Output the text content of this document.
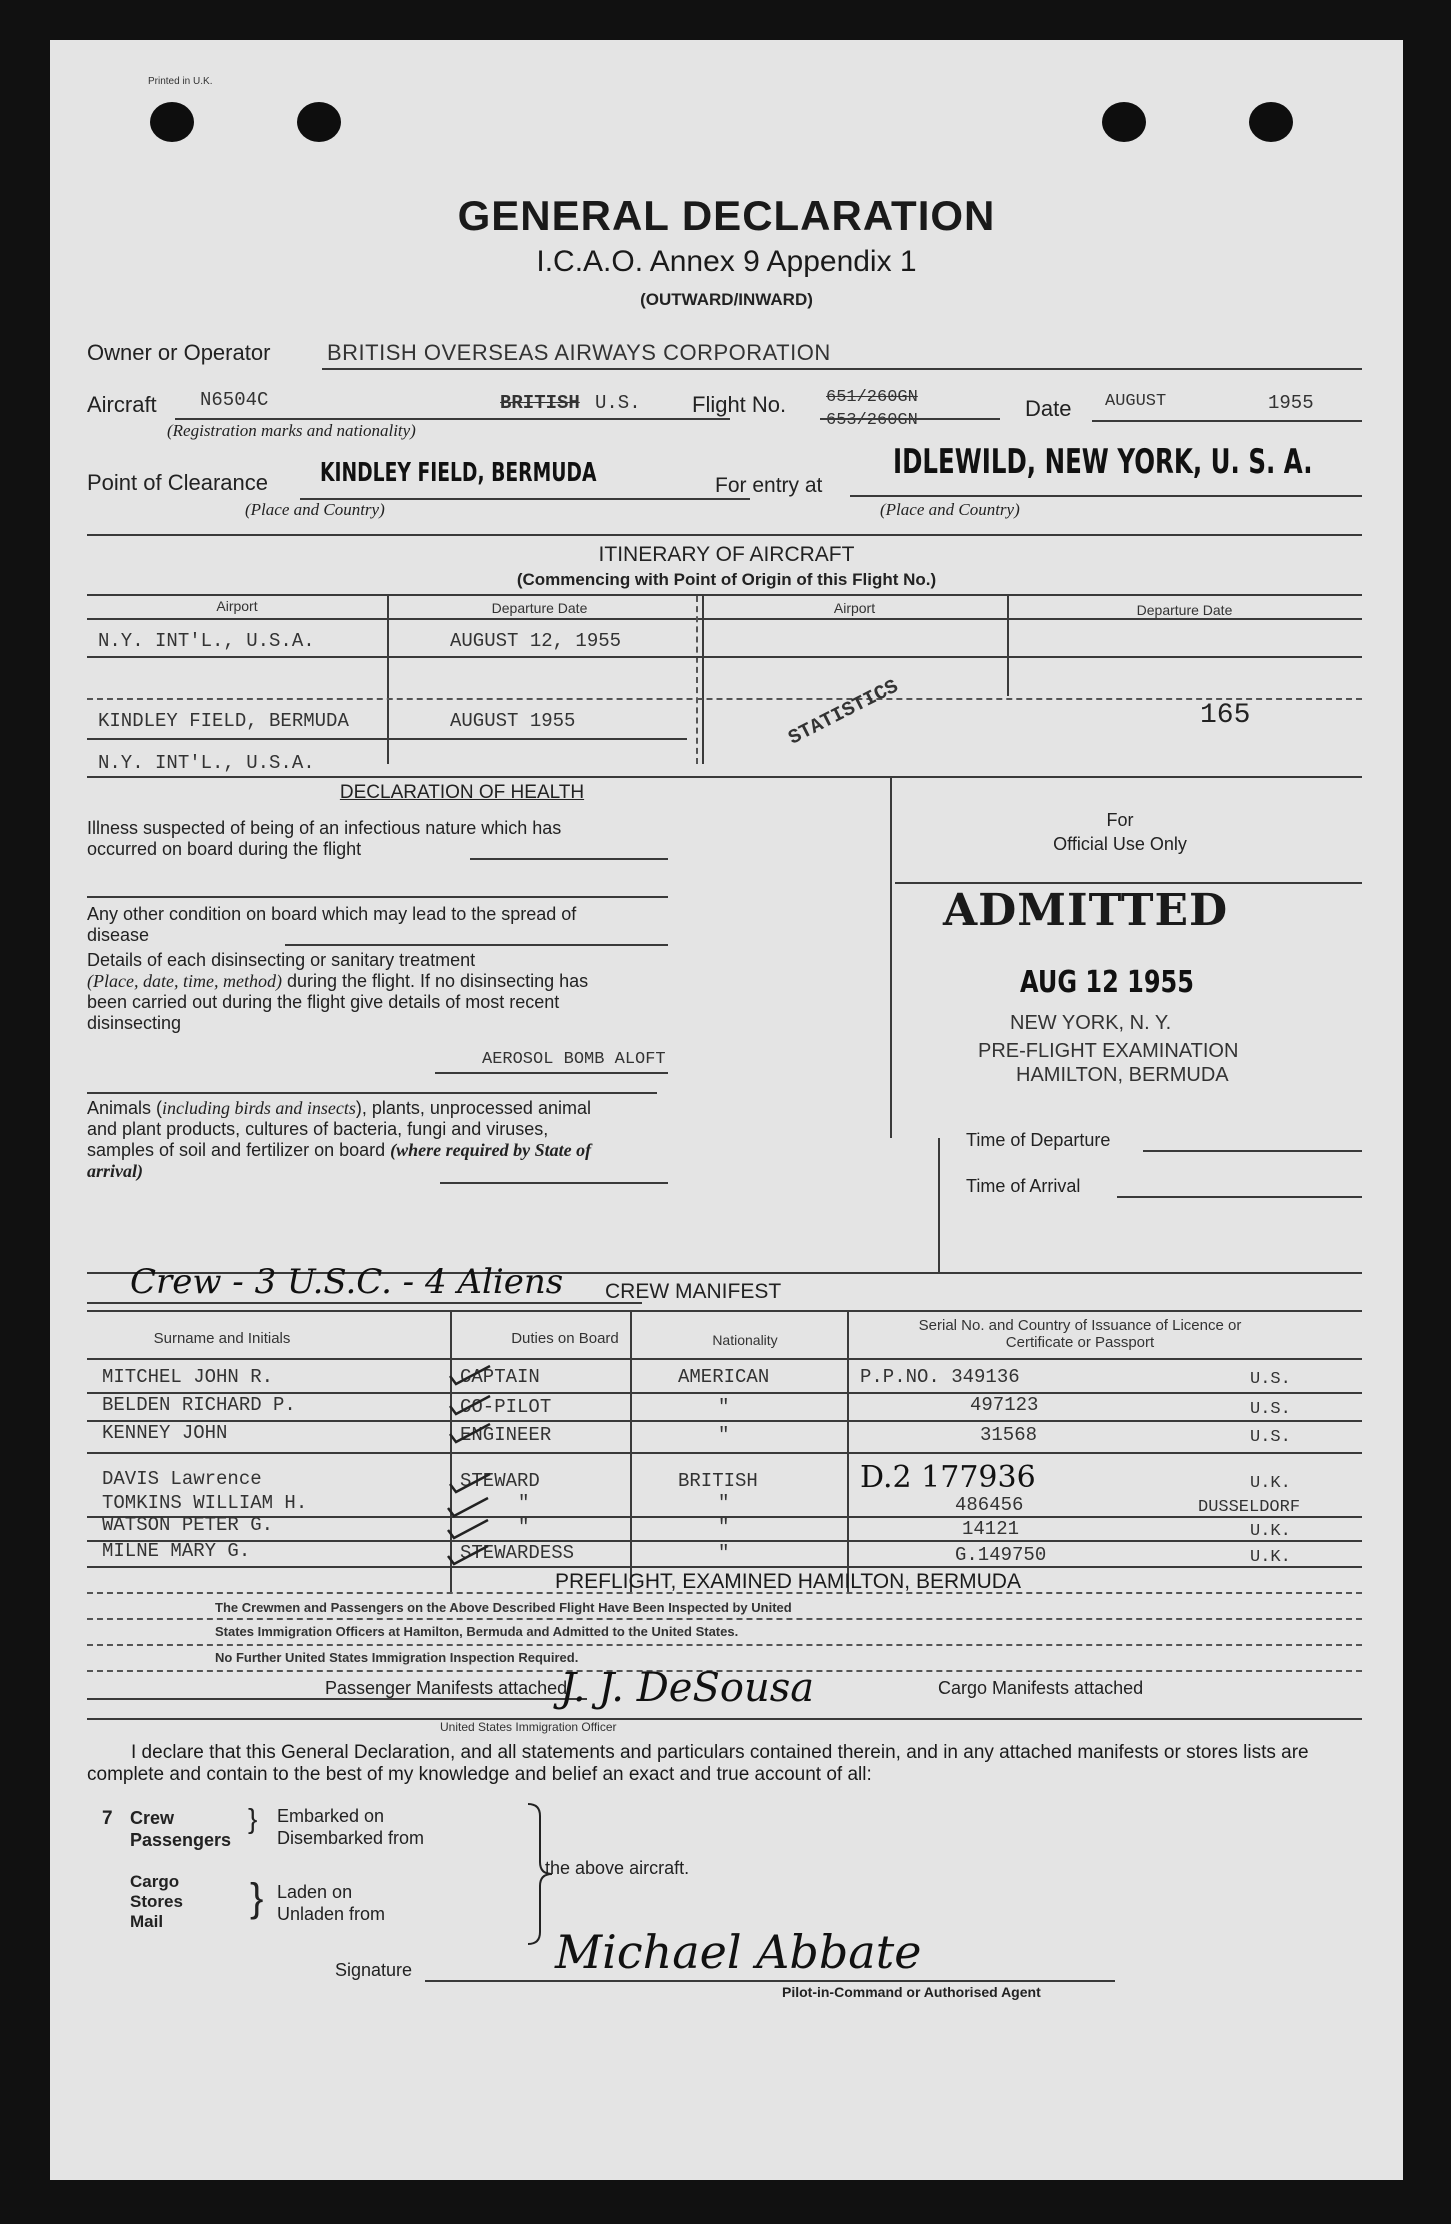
Printed in U.K.
GENERAL DECLARATION
I.C.A.O. Annex 9 Appendix 1
(OUTWARD/INWARD)
Owner or Operator	BRITISH OVERSEAS AIRWAYS CORPORATION
Aircraft N6504C	BRITISH U.S.
(Registration marks and nationality)
Flight No. 651/260GN
653/260GN	Date AUGUST	1955
Point of Clearance KINDLEY FIELD, BERMUDA
(Place and Country)
For entry at
IDLEWILD, NEW YORK, U. S. A.
(Place and Country)
ITINERARY OF AIRCRAFT
(Commencing with Point of Origin of this Flight No.)
Airport	Departure Date	Airport	Departure Date
N.Y. INT'L., U.S.A.	AUGUST 12, 1955
KINDLEY FIELD, BERMUDA	AUGUST 1955	165
STATISTICS
N.Y. INT'L., U.S.A.
DECLARATION OF HEALTH
Illness suspected of being of an infectious nature which has occurred on board during the flight
Any other condition on board which may lead to the spread of disease
Details of each disinsecting or sanitary treatment
(Place, date, time, method) during the flight. If no disinsecting has been carried out during the flight give details of most recent disinsecting
AEROSOL BOMB ALOFT
Animals (including birds and insects), plants, unprocessed animal and plant products, cultures of bacteria, fungi and viruses, samples of soil and fertilizer on board (where required by State of arrival)
For
Official Use Only
ADMITTED
AUG 12 1955
NEW YORK, N. Y.
PRE-FLIGHT EXAMINATION
HAMILTON, BERMUDA
Time of Departure
Time of Arrival
Crew - 3 U.S.C. - 4 Aliens CREW MANIFEST
Surname and Initials	Duties on Board	Nationality
Serial No. and Country of Issuance of Licence or Certificate or Passport
MITCHEL JOHN R.	CAPTAIN	AMERICAN	P.P.NO. 349136	U.S.
BELDEN RICHARD P.	CO-PILOT	"	497123	U.S.
KENNEY JOHN	ENGINEER	"	31568	U.S.
DAVIS Lawrence	STEWARD	BRITISH	D.2 177936	U.K.
TOMKINS WILLIAM H.	"	"	486456	DUSSELDORF
WATSON PETER G.	"	"	14121	U.K.
MILNE MARY G.	STEWARDESS	"	G.149750	U.K.
PREFLIGHT, EXAMINED HAMILTON, BERMUDA
The Crewmen and Passengers on the Above Described Flight Have Been Inspected by United
States Immigration Officers at Hamilton, Bermuda and Admitted to the United States.
No Further United States Immigration Inspection Required.
Passenger Manifests attached
J. J. DeSousa	Cargo Manifests attached
United States Immigration Officer
I declare that this General Declaration, and all statements and particulars contained therein, and in any attached manifests or stores lists are complete and contain to the best of my knowledge and belief an exact and true account of all:
7 Crew
Passengers
} Embarked on
Disembarked from
Cargo
Stores
Mail
} Laden on
Unladen from
the above aircraft.
Signature	Michael Abbate
Pilot-in-Command or Authorised Agent
